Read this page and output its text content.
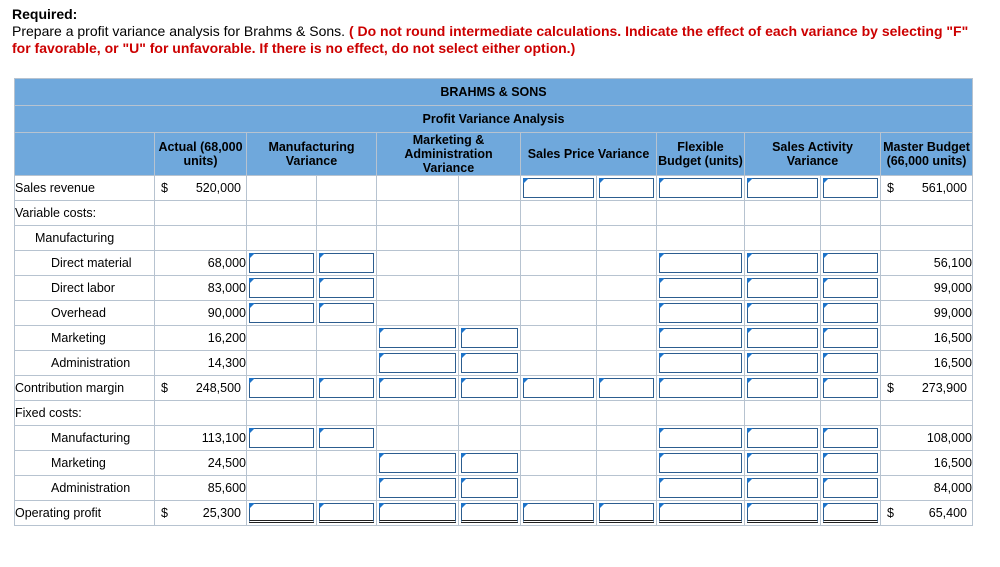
Required:
Prepare a profit variance analysis for Brahms & Sons. ( Do not round intermediate calculations. Indicate the effect of each variance by selecting "F" for favorable, or "U" for unfavorable. If there is no effect, do not select either option.)
BRAHMS & SONS											
Profit Variance Analysis											
	Actual (68,000 units)	Manufacturing Variance		Marketing & Administration Variance		Sales Price Variance		Flexible Budget (units)	Sales Activity Variance		Master Budget (66,000 units)
Sales revenue	$ 520,000										$ 561,000

Variable costs:											
Manufacturing											
Direct material	68,000										56,100
Direct labor	83,000										99,000
Overhead	90,000										99,000
Marketing	16,200										16,500
Administration	14,300										16,500
Contribution margin	$ 248,500										$ 273,900

Fixed costs:											
Manufacturing	113,100										108,000
Marketing	24,500										16,500
Administration	85,600										84,000
Operating profit	$ 25,300										$ 65,400
